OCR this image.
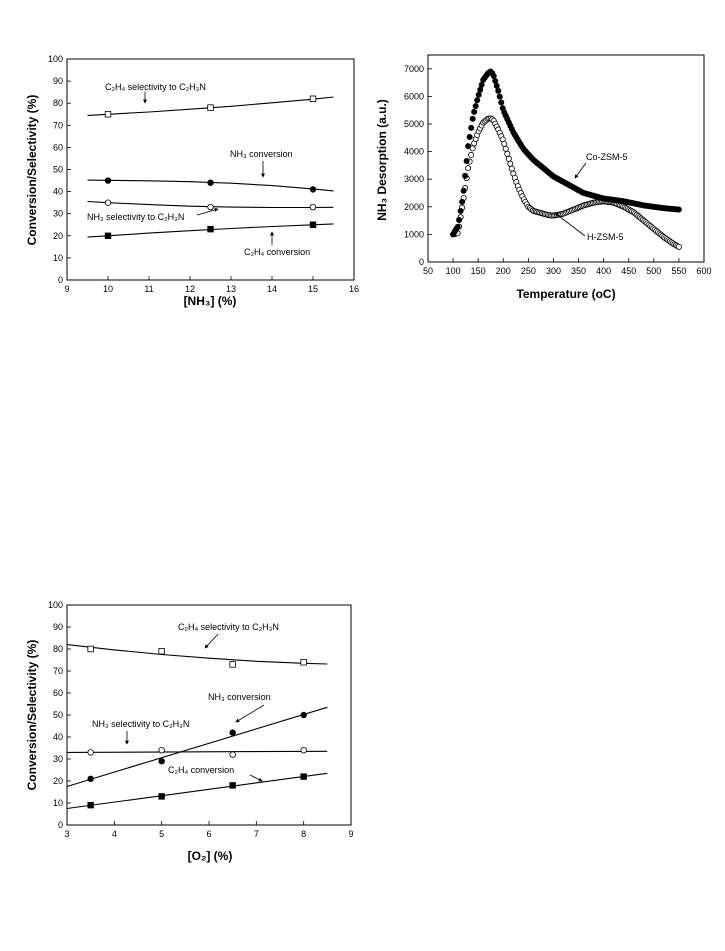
9	10	11	12	13	14	15	16
0
10
20
30
40
50
60
70
80
90
100
[NH₃] (%)
Conversion/Selectivity (%)
C₂H₄ selectivity to C₂H₃N
NH₃ conversion
NH₃ selectivity to C₂H₃N
C₂H₄ conversion
50 100 150 200 250 300 350 400 450 500 550 600
0
1000
2000
3000
4000
5000
6000
7000
Temperature (oC)
NH₃ Desorption (a.u.)	Co-ZSM-5
H-ZSM-5
3	4	5	6	7	8	9
0
10
20
30
40
50
60
70
80
90
100
[O₂] (%)
Conversion/Selectivity (%)
C₂H₄ selectivity to C₂H₃N
NH₃ conversion
NH₃ selectivity to C₂H₃N
C₂H₄ conversion
